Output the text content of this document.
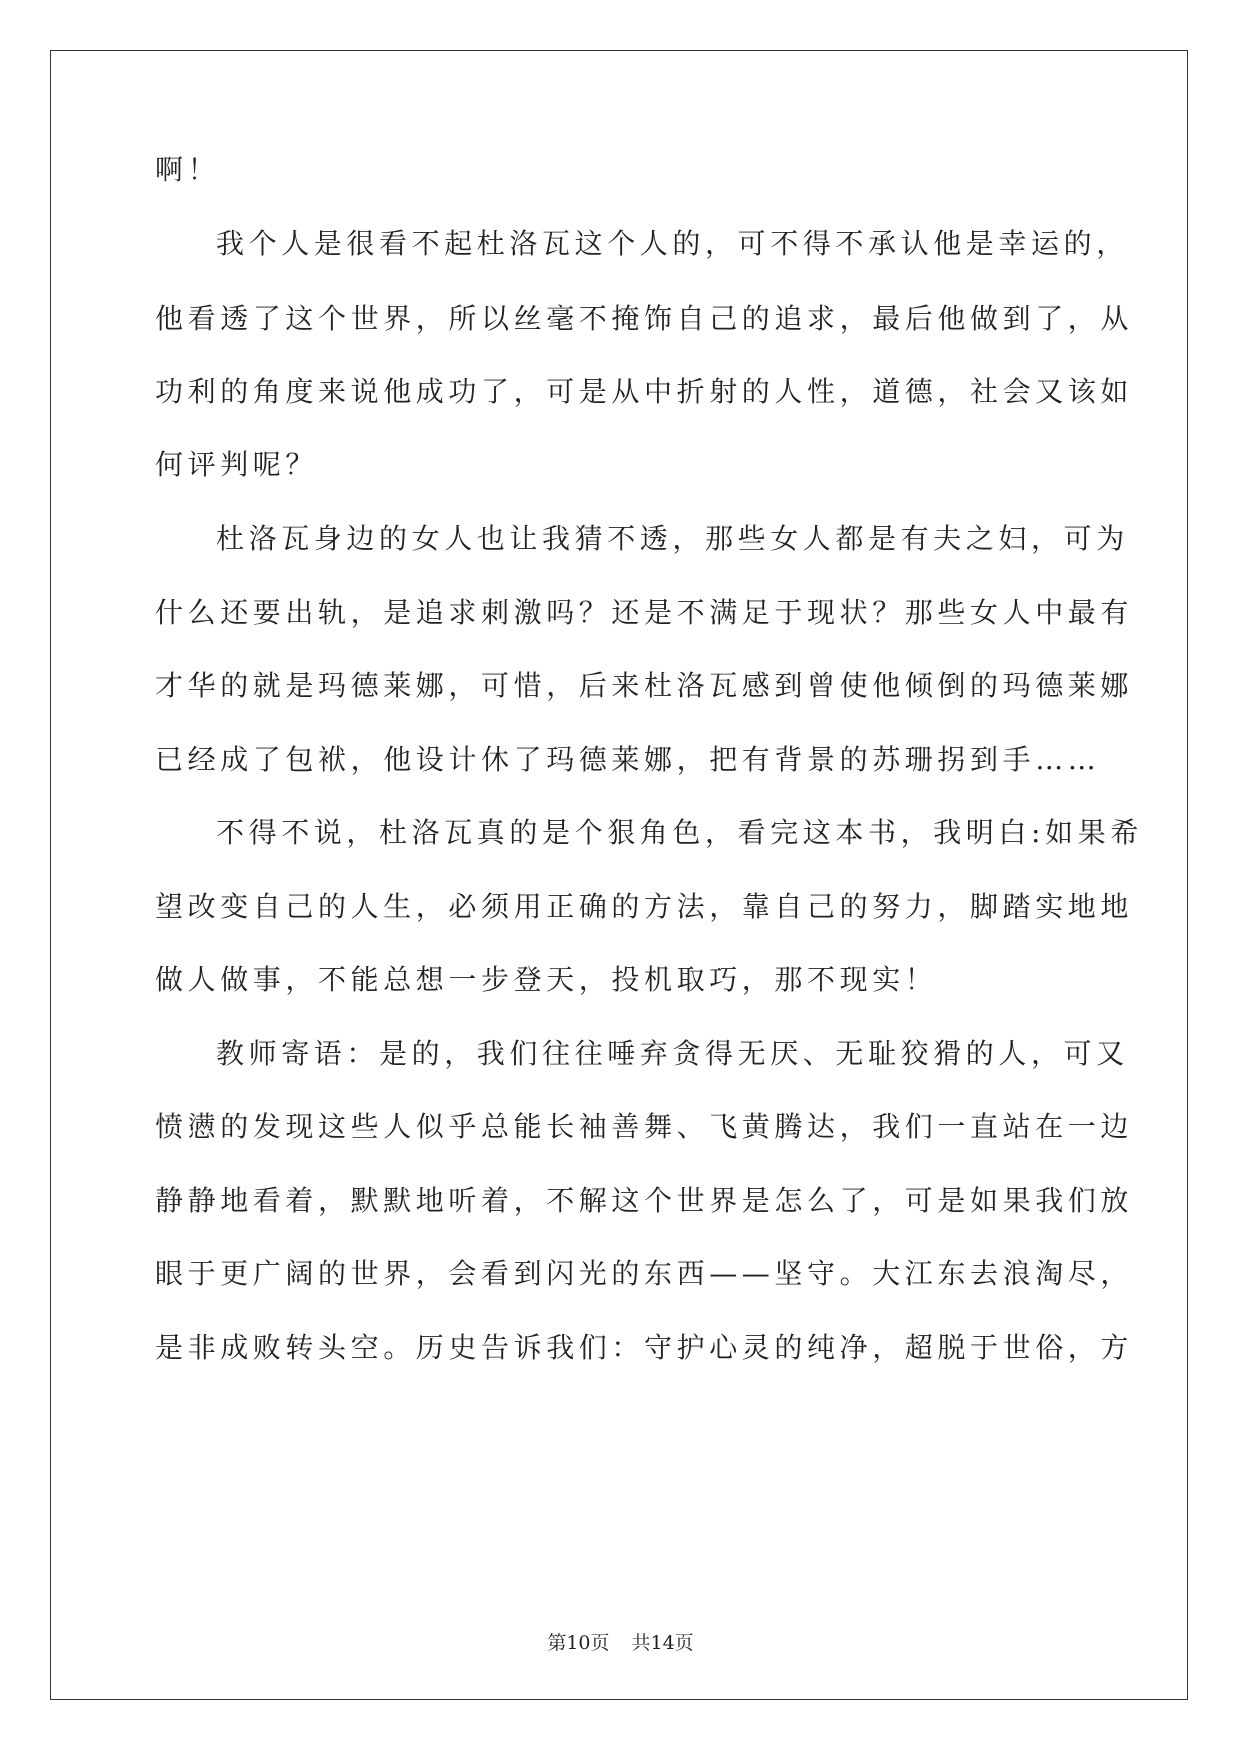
啊！
我个人是很看不起杜洛瓦这个人的，可不得不承认他是幸运的，
他看透了这个世界，所以丝毫不掩饰自己的追求，最后他做到了，从
功利的角度来说他成功了，可是从中折射的人性，道德，社会又该如
何评判呢？
杜洛瓦身边的女人也让我猜不透，那些女人都是有夫之妇，可为
什么还要出轨，是追求刺激吗？还是不满足于现状？那些女人中最有
才华的就是玛德莱娜，可惜，后来杜洛瓦感到曾使他倾倒的玛德莱娜
已经成了包袱，他设计休了玛德莱娜，把有背景的苏珊拐到手……
不得不说，杜洛瓦真的是个狠角色，看完这本书，我明白:如果希
望改变自己的人生，必须用正确的方法，靠自己的努力，脚踏实地地
做人做事，不能总想一步登天，投机取巧，那不现实！
教师寄语：是的，我们往往唾弃贪得无厌、无耻狡猾的人，可又
愤懑的发现这些人似乎总能长袖善舞、飞黄腾达，我们一直站在一边
静静地看着，默默地听着，不解这个世界是怎么了，可是如果我们放
眼于更广阔的世界，会看到闪光的东西——坚守。大江东去浪淘尽，
是非成败转头空。历史告诉我们：守护心灵的纯净，超脱于世俗，方
第10页 共14页
